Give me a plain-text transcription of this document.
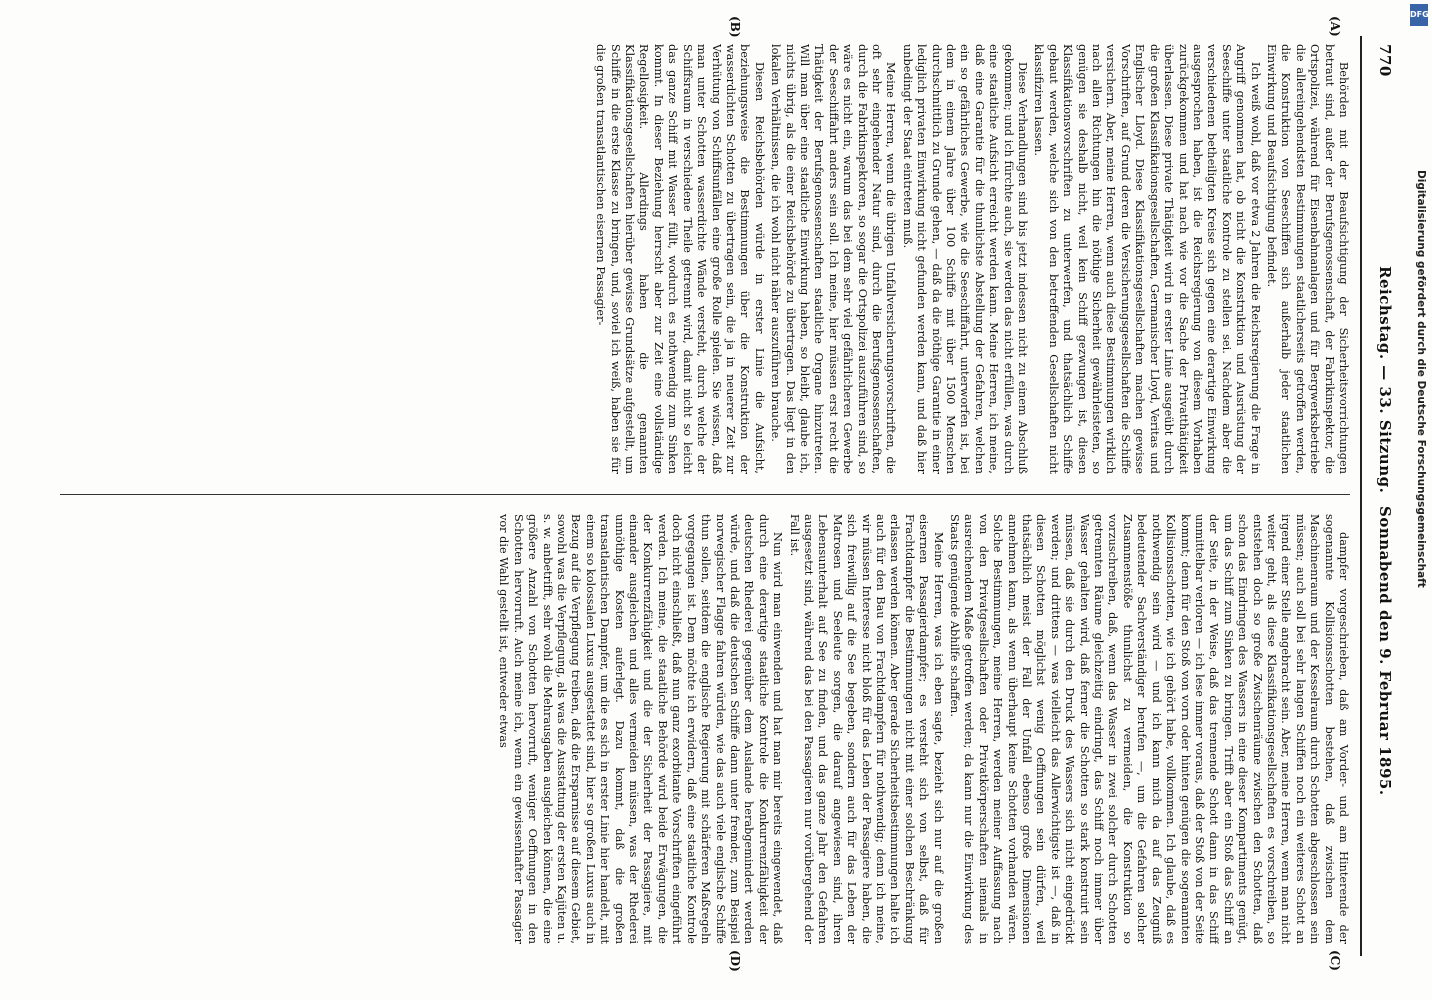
770
Reichstag. — 33. Sitzung.
Sonnabend den 9. Februar 1895.
(A)
(B)
(C)
(D)

Behörden mit der Beaufsichtigung der Sicherheitsvorrichtungen betraut sind, außer der Berufsgenossenschaft, der Fabrikinspektor, die Ortspolizei, während für Eisenbahnanlagen und für Bergwerksbetriebe die allereingehendsten Bestimmungen staatlicherseits getroffen werden, die Konstruktion von Seeschiffen sich außerhalb jeder staatlichen Einwirkung und Beaufsichtigung befindet.

Ich weiß wohl, daß vor etwa 2 Jahren die Reichsregierung die Frage in Angriff genommen hat, ob nicht die Konstruktion und Ausrüstung der Seeschiffe unter staatliche Kontrole zu stellen sei. Nachdem aber die verschiedenen betheiligten Kreise sich gegen eine derartige Einwirkung ausgesprochen haben, ist die Reichsregierung von diesem Vorhaben zurückgekommen und hat nach wie vor die Sache der Privatthätigkeit überlassen. Diese private Thätigkeit wird in erster Linie ausgeübt durch die großen Klassifikationsgesellschaften, Germanischer Lloyd, Veritas und Englischer Lloyd. Diese Klassifikationsgesellschaften machen gewisse Vorschriften, auf Grund deren die Versicherungsgesellschaften die Schiffe versichern. Aber, meine Herren, wenn auch diese Bestimmungen wirklich nach allen Richtungen hin die nöthige Sicherheit gewährleisteten, so genügen sie deshalb nicht, weil kein Schiff gezwungen ist, diesen Klassifikationsvorschriften zu unterwerfen, und thatsächlich Schiffe gebaut werden, welche sich von den betreffenden Gesellschaften nicht klassifiziren lassen.

Diese Verhandlungen sind bis jetzt indessen nicht zu einem Abschluß gekommen; und ich fürchte auch, sie werden das nicht erfüllen, was durch eine staatliche Aufsicht erreicht werden kann. Meine Herren, ich meine, daß eine Garantie für die thunlichste Abstellung der Gefahren, welchen ein so gefährliches Gewerbe, wie die Seeschiffahrt, unterworfen ist, bei dem in einem Jahre über 100 Schiffe mit über 1500 Menschen durchschnittlich zu Grunde gehen, — daß da die nöthige Garantie in einer lediglich privaten Einwirkung nicht gefunden werden kann, und daß hier unbedingt der Staat eintreten muß.

Meine Herren, wenn die übrigen Unfallversicherungsvorschriften, die oft sehr eingehender Natur sind, durch die Berufsgenossenschaften, durch die Fabrikinspektoren, so sogar die Ortspolizei auszuführen sind, so wäre es nicht ein, warum das bei dem sehr viel gefährlicheren Gewerbe der Seeschiffahrt anders sein soll. Ich meine, hier müssen erst recht die Thätigkeit der Berufsgenossenschaften staatliche Organe hinzutreten. Will man über eine staatliche Einwirkung haben, so bleibt, glaube ich, nichts übrig, als die einer Reichsbehörde zu übertragen. Das liegt in den lokalen Verhältnissen, die ich wohl nicht näher auszuführen brauche.

Diesen Reichsbehörden würde in erster Linie die Aufsicht, beziehungsweise die Bestimmungen über die Konstruktion der wasserdichten Schotten zu übertragen sein, die ja in neuerer Zeit zur Verhütung von Schiffsunfällen eine große Rolle spielen. Sie wissen, daß man unter Schotten wasserdichte Wände versteht, durch welche der Schiffsraum in verschiedene Theile getrennt wird, damit nicht so leicht das ganze Schiff mit Wasser füllt, wodurch es nothwendig zum Sinken kommt. In dieser Beziehung herrscht aber zur Zeit eine vollständige Regellosigkeit. Allerdings haben die genannten Klassifikationsgesellschaften hierüber gewisse Grundsätze aufgestellt, um Schiffe in die erste Klasse zu bringen, und, soviel ich weiß, haben sie für die großen transatlantischen eisernen Passagier-

dampfer vorgeschrieben, daß am Vorder- und am Hinterende der sogenannte Kollisionsschotten bestehen, daß zwischen dem Maschinenraum und der Kesselraum durch Schotten abgeschlossen sein müssen; auch soll bei sehr langen Schiffen noch ein weiteres Schott an irgend einer Stelle angebracht sein. Aber, meine Herren, wenn man nicht weiter geht, als diese Klassifikationsgesellschaften es vorschreiben, so entstehen doch so große Zwischenräume zwischen den Schotten, daß schon das Eindringen des Wassers in eine dieser Kompartiments genügt, um das Schiff zum Sinken zu bringen. Trifft aber ein Stoß das Schiff an der Seite, in der Weise, daß das trennende Schott dann in das Schiff unmittelbar verloren — ich lese immer voraus, daß der Stoß von der Seite kommt; denn für den Stoß von vorn oder hinten genügen die sogenannten Kollisionsschotten, wie ich gehört habe, vollkommen. Ich glaube, daß es nothwendig sein wird — und ich kann mich da auf das Zeugniß bedeutender Sachverständiger berufen —, um die Gefahren solcher Zusammenstöße thunlichst zu vermeiden, die Konstruktion so vorzuschreiben, daß, wenn das Wasser in zwei solcher durch Schotten getrennten Räume gleichzeitig eindringt, das Schiff noch immer über Wasser gehalten wird, daß ferner die Schotten so stark konstruirt sein müssen, daß sie durch den Druck des Wassers sich nicht eingedrückt werden; und drittens — was vielleicht das Allerwichtigste ist —, daß in diesen Schotten möglichst wenig Oeffnungen sein dürfen, weil thatsächlich meist der Fall der Unfall ebenso große Dimensionen annehmen kann, als wenn überhaupt keine Schotten vorhanden wären. Solche Bestimmungen, meine Herren, werden meiner Auffassung nach von den Privatgesellschaften oder Privatkörperschaften niemals in ausreichendem Maße getroffen werden; da kann nur die Einwirkung des Staats genügende Abhilfe schaffen.

Meine Herren, was ich eben sagte, bezieht sich nur auf die großen eisernen Passagierdampfer; es versteht sich von selbst, daß für Frachtdampfer die Bestimmungen nicht mit einer solchen Beschränkung erlassen werden können. Aber gerade Sicherheitsbestimmungen halte ich auch für den Bau von Frachtdampfern für nothwendig; denn ich meine, wir müssen Interesse nicht bloß für das Leben der Passagiere haben, die sich freiwillig auf die See begeben, sondern auch für das Leben der Matrosen und Seeleute sorgen, die darauf angewiesen sind, ihren Lebensunterhalt auf See zu finden, und das ganze Jahr den Gefahren ausgesetzt sind, während das bei den Passagieren nur vorübergehend der Fall ist.

Nun wird man einwenden und hat man mir bereits eingewendet, daß durch eine derartige staatliche Kontrole die Konkurrenzfähigkeit der deutschen Rhederei gegenüber dem Auslande herabgemindert werden würde, und daß die deutschen Schiffe dann unter fremder, zum Beispiel norwegischer Flagge fahren würden, wie das auch viele englische Schiffe thun sollen, seitdem die englische Regierung mit schärferen Maßregeln vorgegangen ist. Dem möchte ich erwidern, daß eine staatliche Kontrole doch nicht einschließt, daß nun ganz exorbitante Vorschriften eingeführt werden. Ich meine, die staatliche Behörde wird beide Erwägungen, die der Konkurrenzfähigkeit und die der Sicherheit der Passagiere, mit einander ausgleichen und alles vermeiden müssen, was der Rhederei unnöthige Kosten auferlegt. Dazu kommt, daß die großen transatlantischen Dampfer, um die es sich in erster Linie hier handelt, mit einem so kolossalen Luxus ausgestattet sind, hier so großen Luxus auch in Bezug auf die Verpflegung treiben, daß die Ersparnisse auf diesem Gebiet, sowohl was die Verpflegung, als was die Ausstattung der ersten Kajüten u. s. w. anbetrifft, sehr wohl die Mehrausgaben ausgleichen können, die eine größere Anzahl von Schotten hervorruft, weniger Oeffnungen in den Schotten hervorruft. Auch meine ich, wenn ein gewissenhafter Passagier vor die Wahl gestellt ist, entweder etwas

DFG
Digitalisierung gefördert durch die Deutsche Forschungsgemeinschaft
